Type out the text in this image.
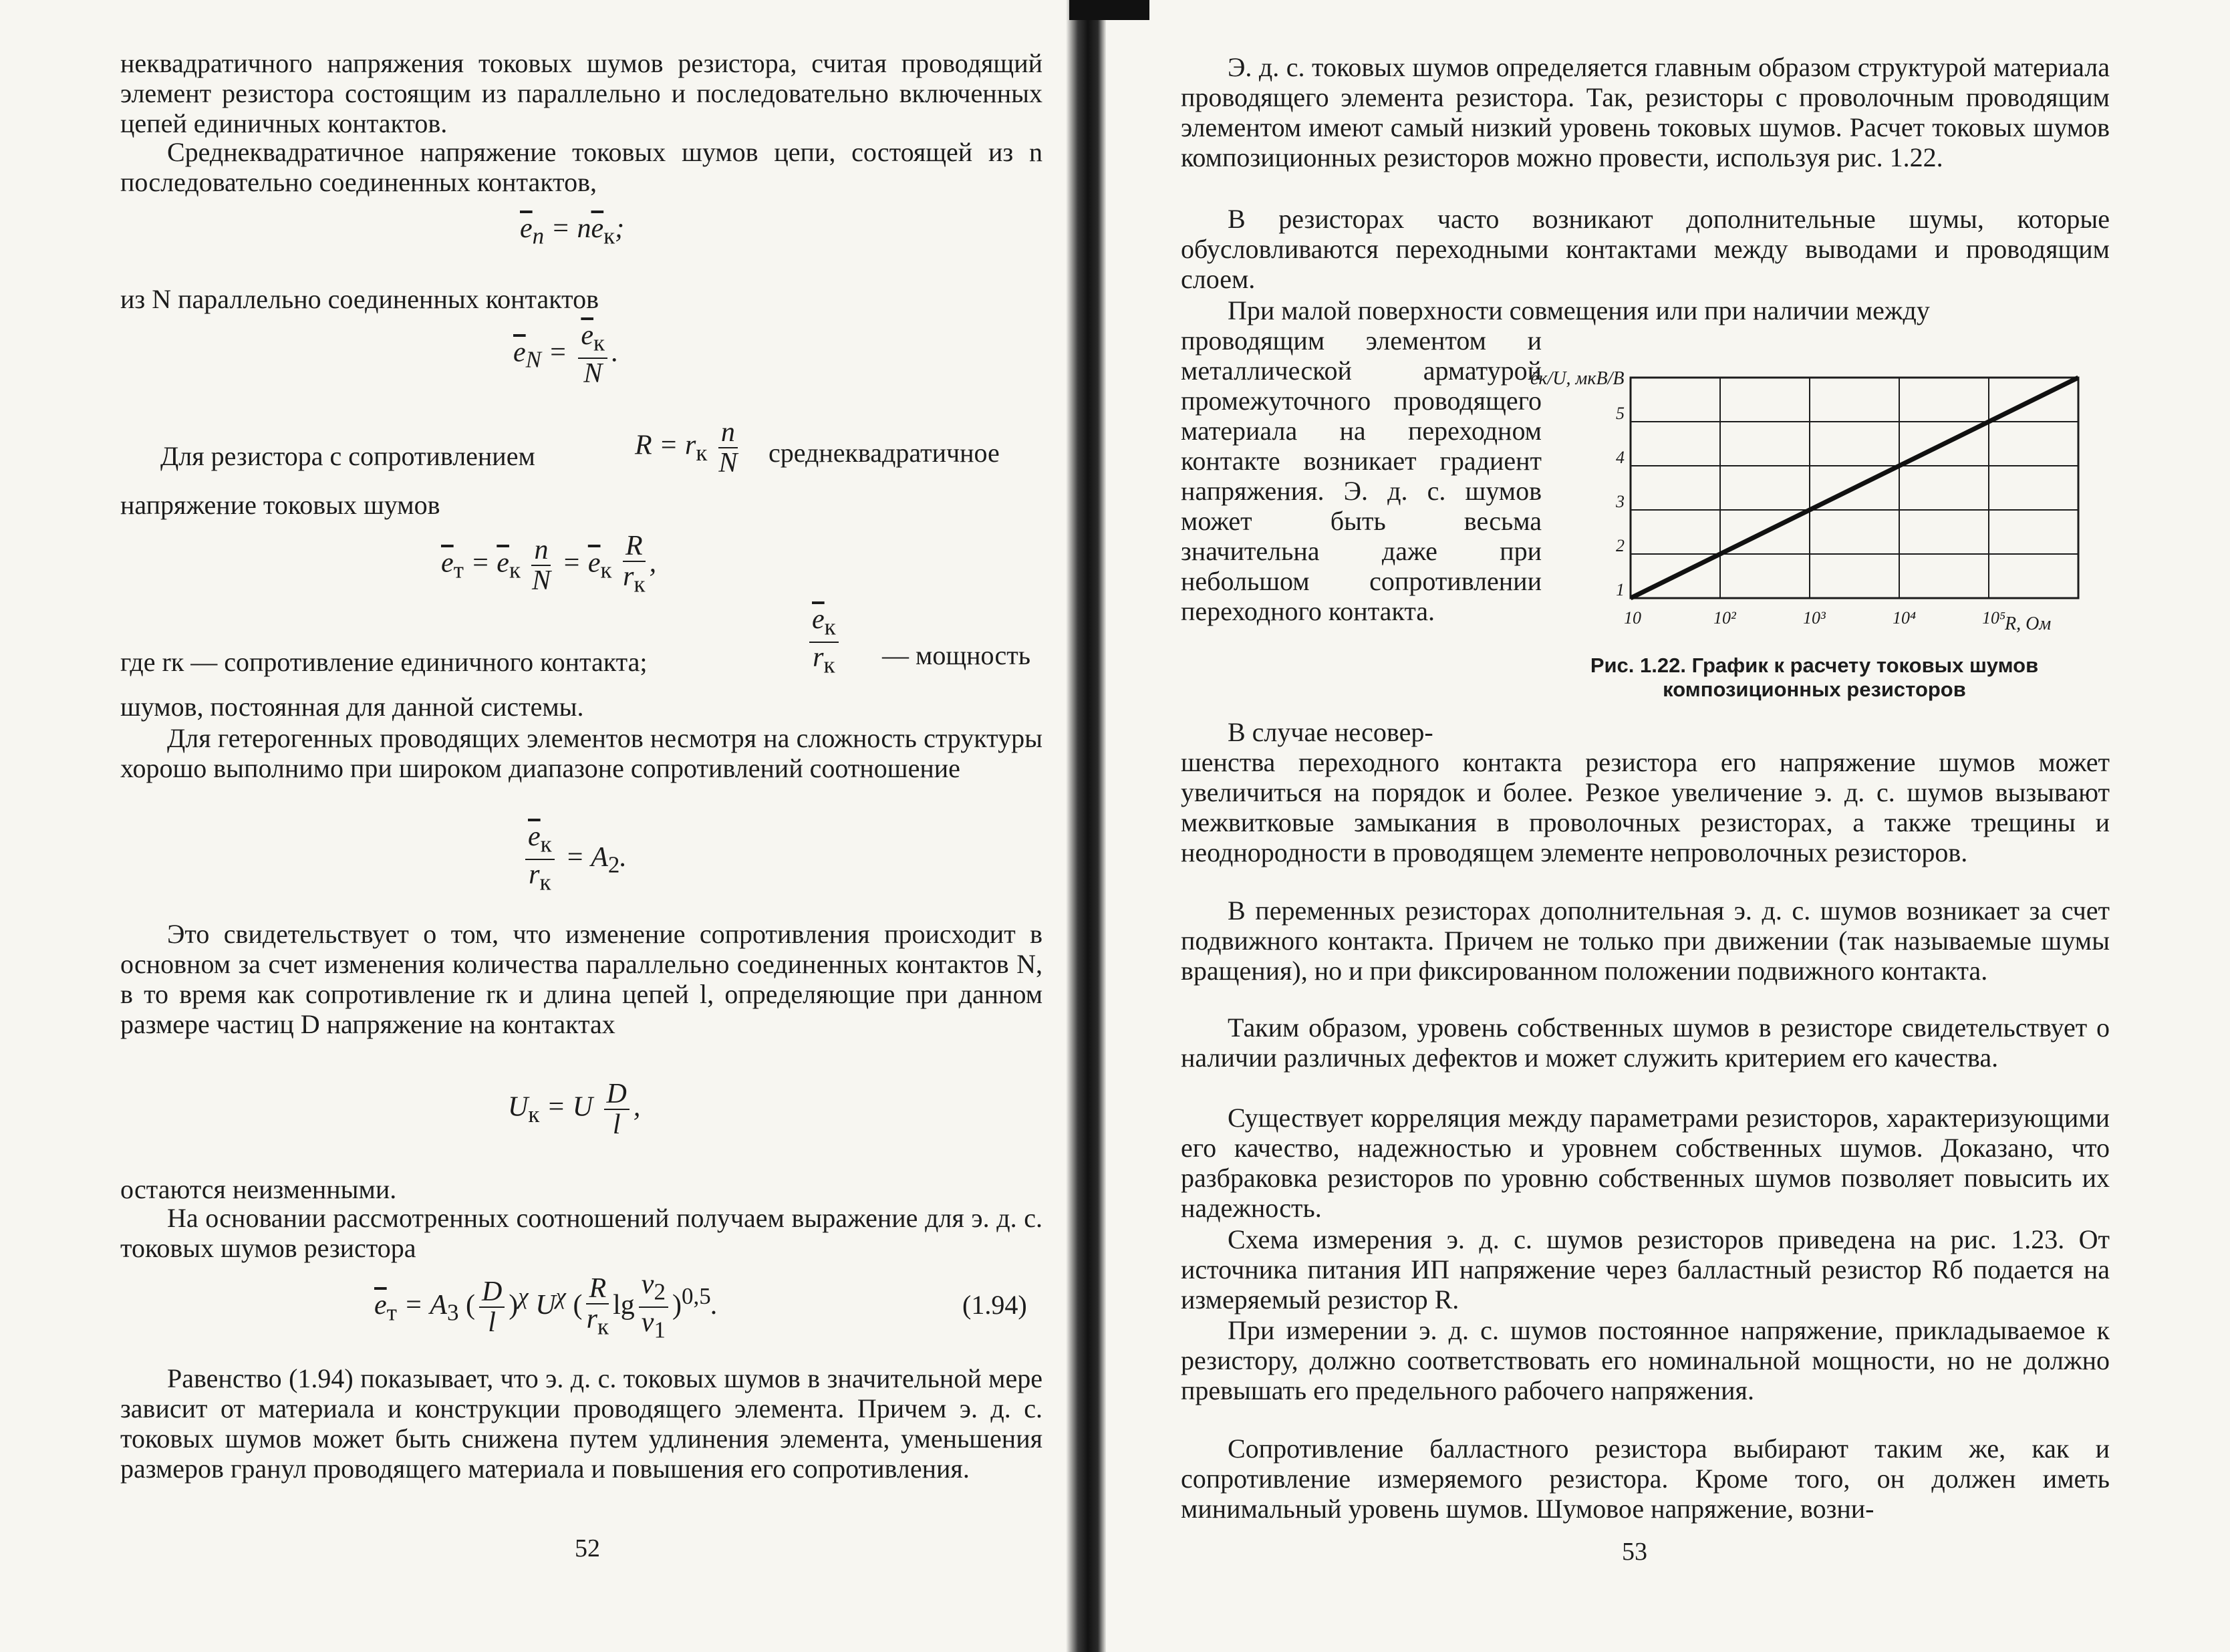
неквадратичного напряжения токовых шумов резистора, считая проводящий элемент резистора состоящим из параллельно и последовательно включенных цепей единичных контактов.
Среднеквадратичное напряжение токовых шумов цепи, состоящей из n последовательно соединенных контактов,
$\overline{e}_n = n\overline{e}_к$;
из N параллельно соединенных контактов
$\overline{e}_N = \frac{\overline{e}_к}{N}$ .
Для резистора с сопротивлением	$R = r_к \frac{n}{N}$ среднеквадратичное
напряжение токовых шумов
$\overline{e}_т = \overline{e}_к \frac{n}{N} = \overline{e}_к \frac{R}{r_к}$ ,
где rк — сопротивление единичного контакта;	$\frac{\overline{e}_к}{r_к}$ — мощность
шумов, постоянная для данной системы.
Для гетерогенных проводящих элементов несмотря на сложность структуры хорошо выполнимо при широком диапазоне сопротивлений соотношение
$\frac{\overline{e}_к}{r_к} = A_2$.
Это свидетельствует о том, что изменение сопротивления происходит в основном за счет изменения количества параллельно соединенных контактов N, в то время как сопротивление rк и длина цепей l, определяющие при данном размере частиц D напряжение на контактах
$U_к = U \frac{D}{l}$ ,
остаются неизменными.
На основании рассмотренных соотношений получаем выражение для э. д. с. токовых шумов резистора
$\overline{e}_т = A_3$ ( $\frac{D}{l} )^\chi$ $U^\chi$ ( $\frac{R}{r_к}$ $\lg \frac{\nu_2}{\nu_1} )^{0,5}$.	(1.94)
Равенство (1.94) показывает, что э. д. с. токовых шумов в значительной мере зависит от материала и конструкции проводящего элемента. Причем э. д. с. токовых шумов может быть снижена путем удлинения элемента, уменьшения размеров гранул проводящего материала и повышения его сопротивления.
52
Э. д. с. токовых шумов определяется главным образом структурой материала проводящего элемента резистора. Так, резисторы с проволочным проводящим элементом имеют самый низкий уровень токовых шумов. Расчет токовых шумов композиционных резисторов можно провести, используя рис. 1.22.
В резисторах часто возникают дополнительные шумы, которые обусловливаются переходными контактами между выводами и проводящим слоем.
При малой поверхности совмещения или при наличии между
проводящим элементом и металлической арматурой промежуточного проводящего материала на переходном контакте возникает градиент напряжения. Э. д. с. шумов может быть весьма значительна даже при небольшом сопротивлении переходного контакта.
В случае несовер-
шенства переходного контакта резистора его напряжение шумов может увеличиться на порядок и более. Резкое увеличение э. д. с. шумов вызывают межвитковые замыкания в проволочных резисторах, а также трещины и неоднородности в проводящем элементе непроволочных резисторов.
В переменных резисторах дополнительная э. д. с. шумов возникает за счет подвижного контакта. Причем не только при движении (так называемые шумы вращения), но и при фиксированном положении подвижного контакта.
Таким образом, уровень собственных шумов в резисторе свидетельствует о наличии различных дефектов и может служить критерием его качества.
Существует корреляция между параметрами резисторов, характеризующими его качество, надежностью и уровнем собственных шумов. Доказано, что разбраковка резисторов по уровню собственных шумов позволяет повысить их надежность.
Схема измерения э. д. с. шумов резисторов приведена на рис. 1.23. От источника питания ИП напряжение через балластный резистор Rб подается на измеряемый резистор R.
При измерении э. д. с. шумов постоянное напряжение, прикладываемое к резистору, должно соответствовать его номинальной мощности, но не должно превышать его предельного рабочего напряжения.
Сопротивление балластного резистора выбирают таким же, как и сопротивление измеряемого резистора. Кроме того, он должен иметь минимальный уровень шумов. Шумовое напряжение, возни-
53
Рис. 1.22. График к расчету токовых шумов композиционных резисторов
10	10²	10³	10⁴	10⁵
1
2
3
4
5
ēк/U, мкВ/В
R, Ом
